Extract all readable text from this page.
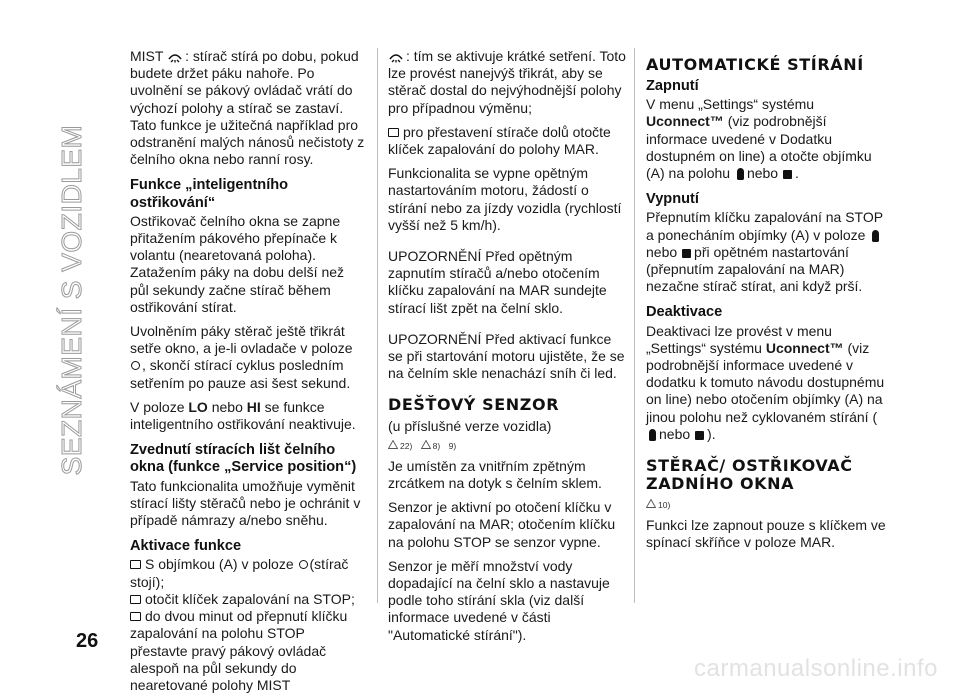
SEZNÁMENÍ S VOZIDLEM

MIST : stírač stírá po dobu, pokud budete držet páku nahoře. Po uvolnění se pákový ovládač vrátí do výchozí polohy a stírač se zastaví. Tato funkce je užitečná například pro odstranění malých nánosů nečistoty z čelního okna nebo ranní rosy.

Funkce „inteligentního ostřikování“

Ostřikovač čelního okna se zapne přitažením pákového přepínače k volantu (nearetovaná poloha). Zatažením páky na dobu delší než půl sekundy začne stírač během ostřikování stírat.

Uvolněním páky stěrač ještě třikrát setře okno, a je-li ovladače v poloze , skončí stírací cyklus posledním setřením po pauze asi šest sekund.

V poloze LO nebo HI se funkce inteligentního ostřikování neaktivuje.

Zvednutí stíracích lišt čelního okna (funkce „Service position“)

Tato funkcionalita umožňuje vyměnit stírací lišty stěračů nebo je ochránit v případě námrazy a/nebo sněhu.

Aktivace funkce
S objímkou (A) v poloze (stírač stojí);
otočit klíček zapalování na STOP;
do dvou minut od přepnutí klíčku zapalování na polohu STOP přestavte pravý pákový ovládač alespoň na půl sekundy do nearetované polohy MIST

: tím se aktivuje krátké setření. Toto lze provést nanejvýš třikrát, aby se stěrač dostal do nejvýhodnější polohy pro případnou výměnu;

pro přestavení stírače dolů otočte klíček zapalování do polohy MAR.

Funkcionalita se vypne opětným nastartováním motoru, žádostí o stírání nebo za jízdy vozidla (rychlostí vyšší než 5 km/h).

UPOZORNĚNÍ Před opětným zapnutím stíračů a/nebo otočením klíčku zapalování na MAR sundejte stírací lišt zpět na čelní sklo.

UPOZORNĚNÍ Před aktivací funkce se při startování motoru ujistěte, že se na čelním skle nenachází sníh či led.

DEŠŤOVÝ SENZOR

(u příslušné verze vozidla)

22) 8) 9)

Je umístěn za vnitřním zpětným zrcátkem na dotyk s čelním sklem.

Senzor je aktivní po otočení klíčku v zapalování na MAR; otočením klíčku na polohu STOP se senzor vypne.

Senzor je měří množství vody dopadající na čelní sklo a nastavuje podle toho stírání skla (viz další informace uvedené v části "Automatické stírání").

AUTOMATICKÉ STÍRÁNÍ
Zapnutí

V menu „Settings“ systému Uconnect™ (viz podrobnější informace uvedené v Dodatku dostupném on line) a otočte objímku (A) na polohu nebo .

Vypnutí

Přepnutím klíčku zapalování na STOP a ponecháním objímky (A) v poloze nebo při opětném nastartování (přepnutím zapalování na MAR) nezačne stírač stírat, ani když prší.

Deaktivace

Deaktivaci lze provést v menu „Settings“ systému Uconnect™ (viz podrobnější informace uvedené v dodatku k tomuto návodu dostupnému on line) nebo otočením objímky (A) na jinou polohu než cyklovaném stírání (nebo ).

STĚRAČ/ OSTŘIKOVAČ ZADNÍHO OKNA
10)

Funkci lze zapnout pouze s klíčkem ve spínací skříňce v poloze MAR.

26
carmanualsonline.info
